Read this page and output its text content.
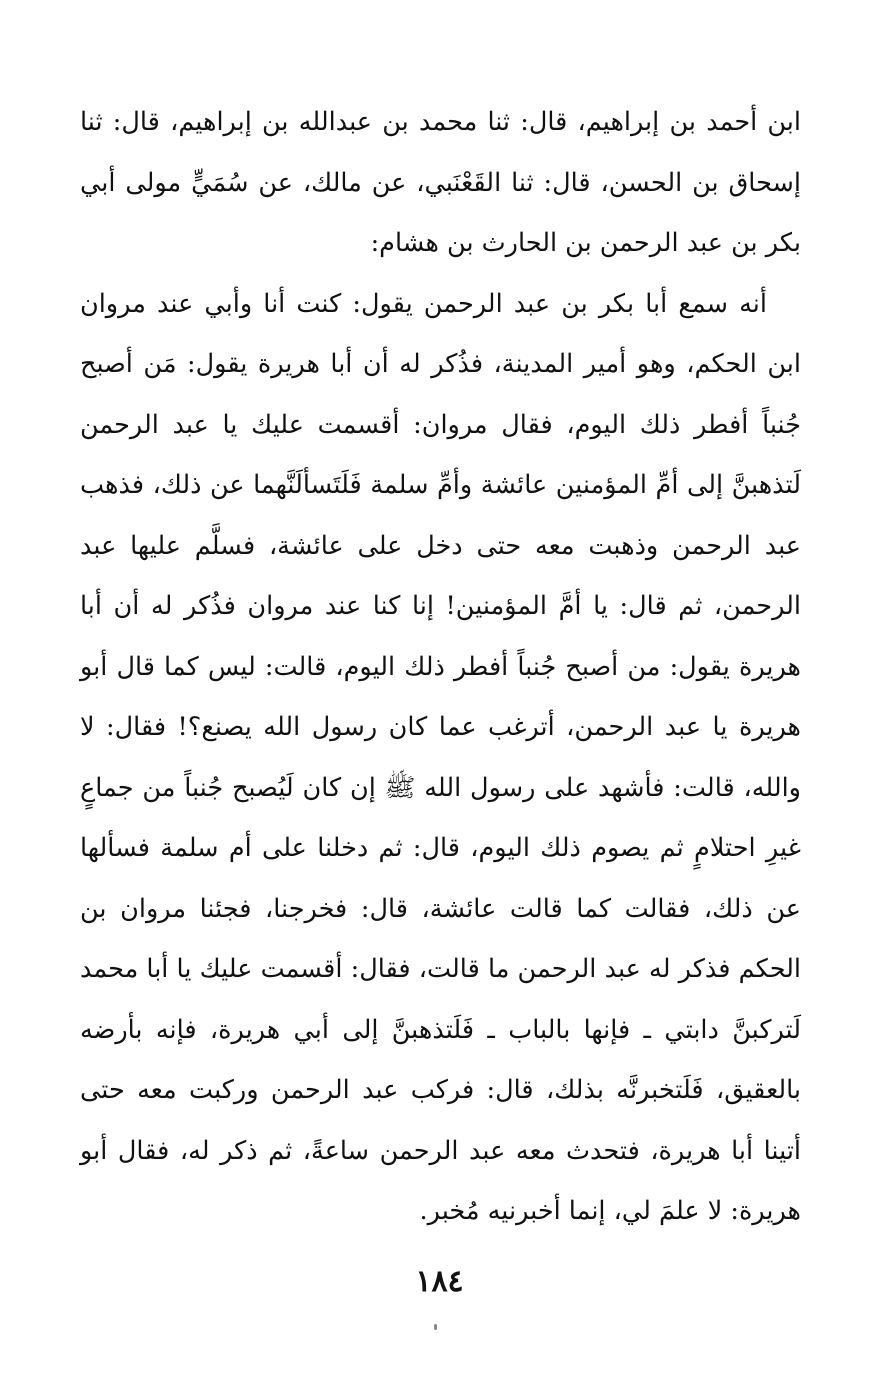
ابن أحمد بن إبراهيم، قال: ثنا محمد بن عبدالله بن إبراهيم، قال: ثنا إسحاق بن الحسن، قال: ثنا القَعْنَبي، عن مالك، عن سُمَيٍّ مولى أبي بكر بن عبد الرحمن بن الحارث بن هشام:

أنه سمع أبا بكر بن عبد الرحمن يقول: كنت أنا وأبي عند مروان ابن الحكم، وهو أمير المدينة، فذُكر له أن أبا هريرة يقول: مَن أصبح جُنباً أفطر ذلك اليوم، فقال مروان: أقسمت عليك يا عبد الرحمن لَتذهبنَّ إلى أمِّ المؤمنين عائشة وأمِّ سلمة فَلَتَسألَنَّهما عن ذلك، فذهب عبد الرحمن وذهبت معه حتى دخل على عائشة، فسلَّم عليها عبد الرحمن، ثم قال: يا أمَّ المؤمنين! إنا كنا عند مروان فذُكر له أن أبا هريرة يقول: من أصبح جُنباً أفطر ذلك اليوم، قالت: ليس كما قال أبو هريرة يا عبد الرحمن، أترغب عما كان رسول الله يصنع؟! فقال: لا والله، قالت: فأشهد على رسول الله ﷺ إن كان لَيُصبح جُنباً من جماعٍ غيرِ احتلامٍ ثم يصوم ذلك اليوم، قال: ثم دخلنا على أم سلمة فسألها عن ذلك، فقالت كما قالت عائشة، قال: فخرجنا، فجئنا مروان بن الحكم فذكر له عبد الرحمن ما قالت، فقال: أقسمت عليك يا أبا محمد لَتركبنَّ دابتي ـ فإنها بالباب ـ فَلَتذهبنَّ إلى أبي هريرة، فإنه بأرضه بالعقيق، فَلَتخبرنَّه بذلك، قال: فركب عبد الرحمن وركبت معه حتى أتينا أبا هريرة، فتحدث معه عبد الرحمن ساعةً، ثم ذكر له، فقال أبو هريرة: لا علمَ لي، إنما أخبرنيه مُخبر.

١٨٤
